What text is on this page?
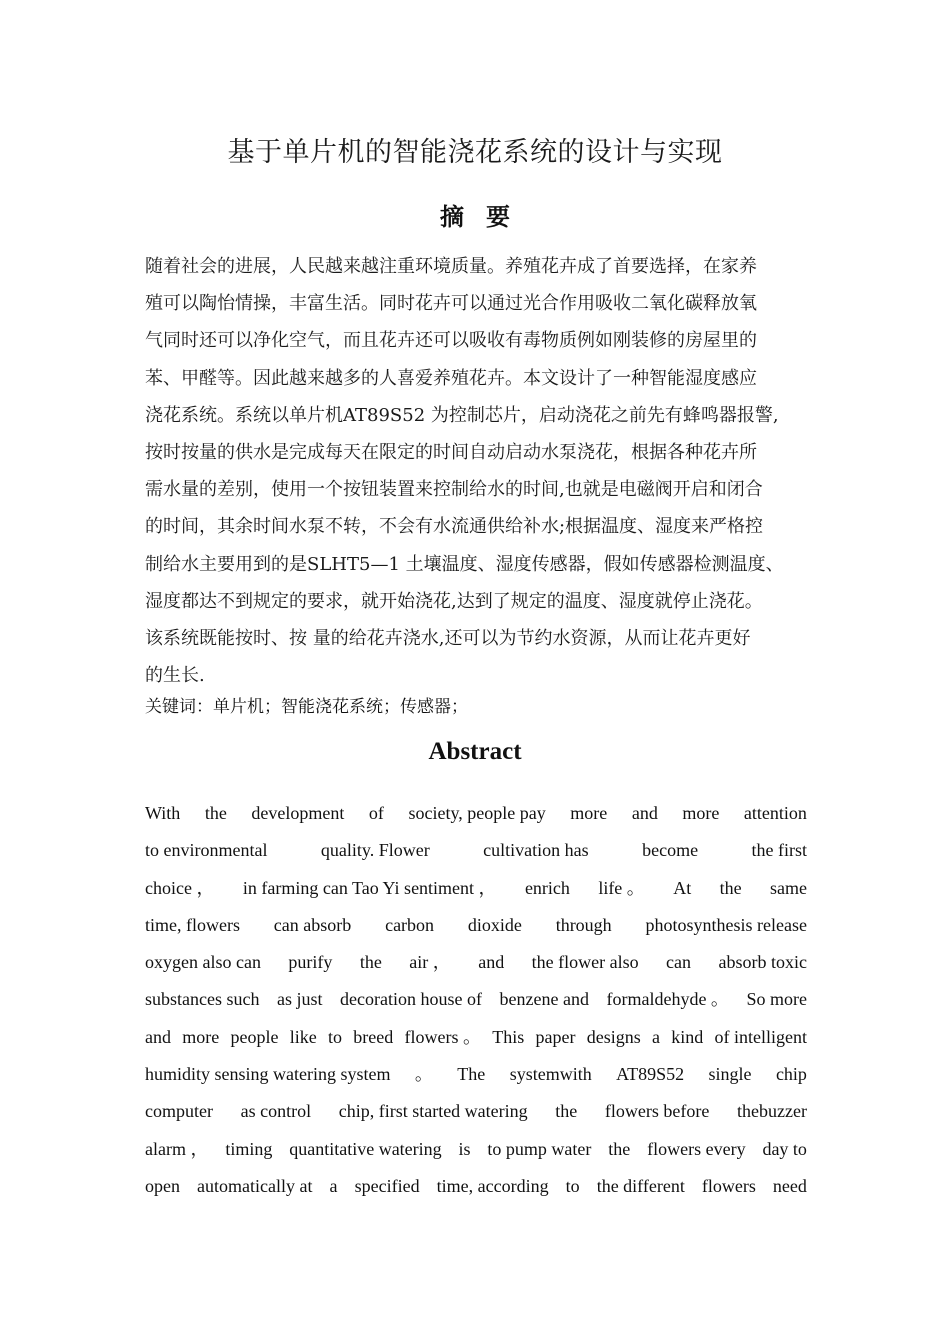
基于单片机的智能浇花系统的设计与实现
摘要

随着社会的进展，人民越来越注重环境质量。养殖花卉成了首要选择，在家养

殖可以陶怡情操，丰富生活。同时花卉可以通过光合作用吸收二氧化碳释放氧

气同时还可以净化空气，而且花卉还可以吸收有毒物质例如刚装修的房屋里的

苯、甲醛等。因此越来越多的人喜爱养殖花卉。本文设计了一种智能湿度感应

浇花系统。系统以单片机AT89S52 为控制芯片，启动浇花之前先有蜂鸣器报警,

按时按量的供水是完成每天在限定的时间自动启动水泵浇花，根据各种花卉所

需水量的差别，使用一个按钮装置来控制给水的时间,也就是电磁阀开启和闭合

的时间，其余时间水泵不转，不会有水流通供给补水;根据温度、湿度来严格控

制给水主要用到的是SLHT5—1 土壤温度、湿度传感器，假如传感器检测温度、

湿度都达不到规定的要求，就开始浇花,达到了规定的温度、湿度就停止浇花。

该系统既能按时、按 量的给花卉浇水,还可以为节约水资源，从而让花卉更好

的生长.

关键词：单片机；智能浇花系统；传感器；
Abstract
With the development of society, people pay more and more attention
to environmental	quality. Flower	cultivation has	become	the first
choice ， in farming can Tao Yi sentiment ， enrich life 。 At the same
time, flowers can absorb carbon dioxide through photosynthesis release
oxygen also can purify the air ， and the flower also can absorb toxic
substances such as just decoration house of benzene and formaldehyde 。 So more
and more people like to breed flowers 。 This paper designs a kind of intelligent
humidity sensing watering system 。 The systemwith AT89S52 single chip
computer as control chip, first started watering the flowers before thebuzzer
alarm ， timing quantitative watering is to pump water the flowers every day to
open automatically at a specified time, according to the different flowers need
